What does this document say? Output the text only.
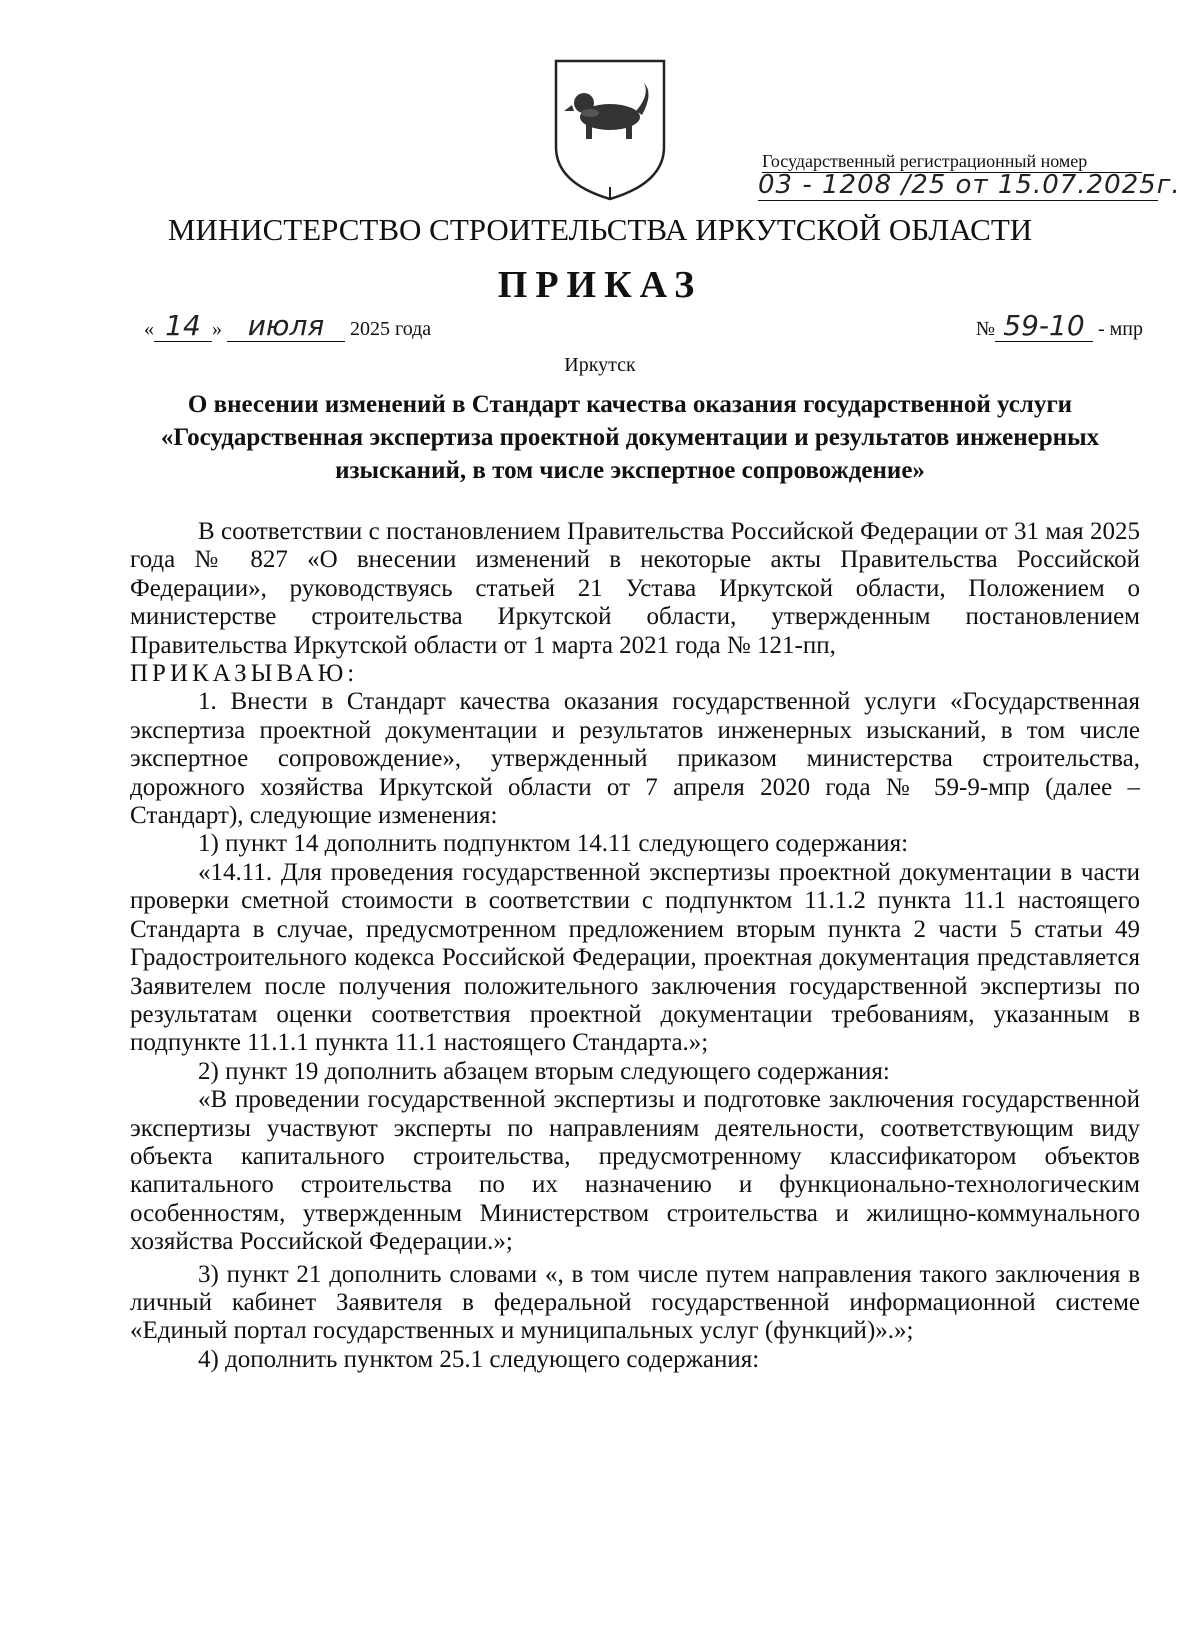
Государственный регистрационный номер
03 - 1208 /25 от 15.07.2025г.
МИНИСТЕРСТВО СТРОИТЕЛЬСТВА ИРКУТСКОЙ ОБЛАСТИ
ПРИКАЗ
« 14 » июля 2025 года	№ 59-10 - мпр
Иркутск
О внесении изменений в Стандарт качества оказания государственной услуги «Государственная экспертиза проектной документации и результатов инженерных изысканий, в том числе экспертное сопровождение»

В соответствии с постановлением Правительства Российской Федерации от 31 мая 2025 года № 827 «О внесении изменений в некоторые акты Правительства Российской Федерации», руководствуясь статьей 21 Устава Иркутской области, Положением о министерстве строительства Иркутской области, утвержденным постановлением Правительства Иркутской области от 1 марта 2021 года № 121-пп,

ПРИКАЗЫВАЮ:

1. Внести в Стандарт качества оказания государственной услуги «Государственная экспертиза проектной документации и результатов инженерных изысканий, в том числе экспертное сопровождение», утвержденный приказом министерства строительства, дорожного хозяйства Иркутской области от 7 апреля 2020 года № 59-9-мпр (далее – Стандарт), следующие изменения:

1) пункт 14 дополнить подпунктом 14.11 следующего содержания:

«14.11. Для проведения государственной экспертизы проектной документации в части проверки сметной стоимости в соответствии с подпунктом 11.1.2 пункта 11.1 настоящего Стандарта в случае, предусмотренном предложением вторым пункта 2 части 5 статьи 49 Градостроительного кодекса Российской Федерации, проектная документация представляется Заявителем после получения положительного заключения государственной экспертизы по результатам оценки соответствия проектной документации требованиям, указанным в подпункте 11.1.1 пункта 11.1 настоящего Стандарта.»;

2) пункт 19 дополнить абзацем вторым следующего содержания:

«В проведении государственной экспертизы и подготовке заключения государственной экспертизы участвуют эксперты по направлениям деятельности, соответствующим виду объекта капитального строительства, предусмотренному классификатором объектов капитального строительства по их назначению и функционально-технологическим особенностям, утвержденным Министерством строительства и жилищно-коммунального хозяйства Российской Федерации.»;

3) пункт 21 дополнить словами «, в том числе путем направления такого заключения в личный кабинет Заявителя в федеральной государственной информационной системе «Единый портал государственных и муниципальных услуг (функций)».»;

4) дополнить пунктом 25.1 следующего содержания:
